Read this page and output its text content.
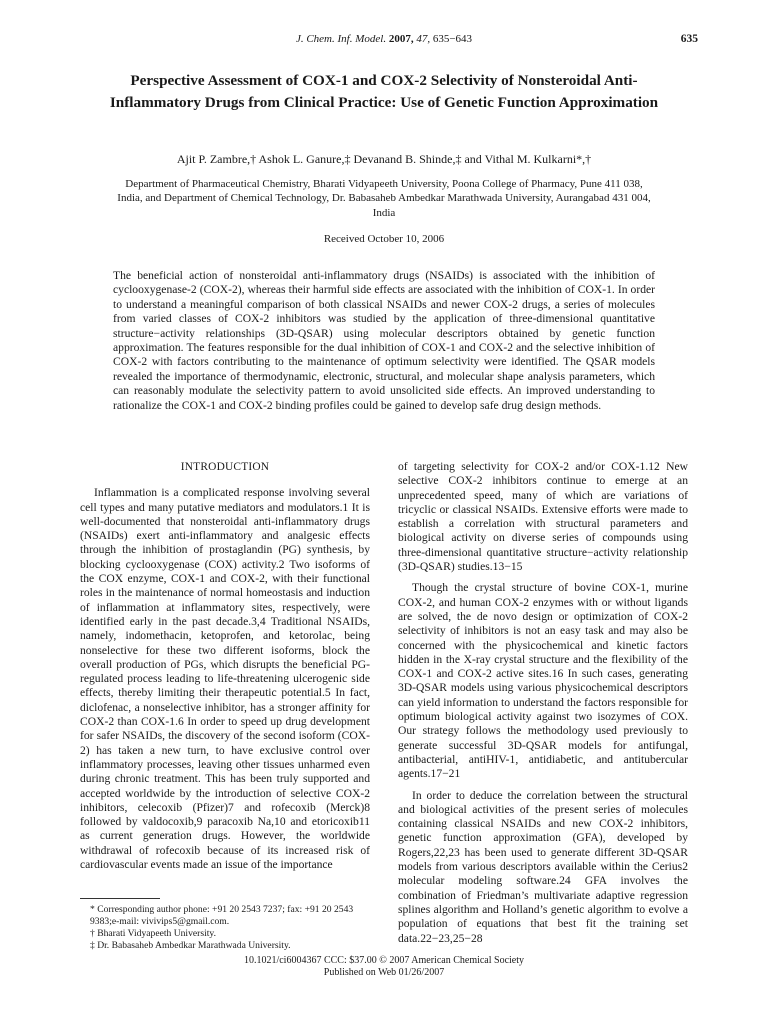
J. Chem. Inf. Model. 2007, 47, 635−643	635
Perspective Assessment of COX-1 and COX-2 Selectivity of Nonsteroidal Anti-Inflammatory Drugs from Clinical Practice: Use of Genetic Function Approximation
Ajit P. Zambre,† Ashok L. Ganure,‡ Devanand B. Shinde,‡ and Vithal M. Kulkarni*,†
Department of Pharmaceutical Chemistry, Bharati Vidyapeeth University, Poona College of Pharmacy, Pune 411 038, India, and Department of Chemical Technology, Dr. Babasaheb Ambedkar Marathwada University, Aurangabad 431 004, India
Received October 10, 2006
The beneficial action of nonsteroidal anti-inflammatory drugs (NSAIDs) is associated with the inhibition of cyclooxygenase-2 (COX-2), whereas their harmful side effects are associated with the inhibition of COX-1. In order to understand a meaningful comparison of both classical NSAIDs and newer COX-2 drugs, a series of molecules from varied classes of COX-2 inhibitors was studied by the application of three-dimensional quantitative structure−activity relationships (3D-QSAR) using molecular descriptors obtained by genetic function approximation. The features responsible for the dual inhibition of COX-1 and COX-2 and the selective inhibition of COX-2 with factors contributing to the maintenance of optimum selectivity were identified. The QSAR models revealed the importance of thermodynamic, electronic, structural, and molecular shape analysis parameters, which can reasonably modulate the selectivity pattern to avoid unsolicited side effects. An improved understanding to rationalize the COX-1 and COX-2 binding profiles could be gained to develop safe drug design methods.
INTRODUCTION

Inflammation is a complicated response involving several cell types and many putative mediators and modulators.1 It is well-documented that nonsteroidal anti-inflammatory drugs (NSAIDs) exert anti-inflammatory and analgesic effects through the inhibition of prostaglandin (PG) synthesis, by blocking cyclooxygenase (COX) activity.2 Two isoforms of the COX enzyme, COX-1 and COX-2, with their functional roles in the maintenance of normal homeostasis and induction of inflammation at inflammatory sites, respectively, were identified early in the past decade.3,4 Traditional NSAIDs, namely, indomethacin, ketoprofen, and ketorolac, being nonselective for these two different isoforms, block the overall production of PGs, which disrupts the beneficial PG-regulated process leading to life-threatening ulcerogenic side effects, thereby limiting their therapeutic potential.5 In fact, diclofenac, a nonselective inhibitor, has a stronger affinity for COX-2 than COX-1.6 In order to speed up drug development for safer NSAIDs, the discovery of the second isoform (COX-2) has taken a new turn, to have exclusive control over inflammatory processes, leaving other tissues unharmed even during chronic treatment. This has been truly supported and accepted worldwide by the introduction of selective COX-2 inhibitors, celecoxib (Pfizer)7 and rofecoxib (Merck)8 followed by valdocoxib,9 paracoxib Na,10 and etoricoxib11 as current generation drugs. However, the worldwide withdrawal of rofecoxib because of its increased risk of cardiovascular events made an issue of the importance

of targeting selectivity for COX-2 and/or COX-1.12 New selective COX-2 inhibitors continue to emerge at an unprecedented speed, many of which are variations of tricyclic or classical NSAIDs. Extensive efforts were made to establish a correlation with structural parameters and biological activity on diverse series of compounds using three-dimensional quantitative structure−activity relationship (3D-QSAR) studies.13−15

Though the crystal structure of bovine COX-1, murine COX-2, and human COX-2 enzymes with or without ligands are solved, the de novo design or optimization of COX-2 selectivity of inhibitors is not an easy task and may also be concerned with the physicochemical and kinetic factors hidden in the X-ray crystal structure and the flexibility of the COX-1 and COX-2 active sites.16 In such cases, generating 3D-QSAR models using various physicochemical descriptors can yield information to understand the factors responsible for optimum biological activity against two isozymes of COX. Our strategy follows the methodology used previously to generate successful 3D-QSAR models for antifungal, antibacterial, antiHIV-1, antidiabetic, and antitubercular agents.17−21

In order to deduce the correlation between the structural and biological activities of the present series of molecules containing classical NSAIDs and new COX-2 inhibitors, genetic function approximation (GFA), developed by Rogers,22,23 has been used to generate different 3D-QSAR models from various descriptors available within the Cerius2 molecular modeling software.24 GFA involves the combination of Friedman’s multivariate adaptive regression splines algorithm and Holland’s genetic algorithm to evolve a population of equations that best fit the training set data.22−23,25−28

* Corresponding author phone: +91 20 2543 7237; fax: +91 20 2543 9383;e-mail: vivivips5@gmail.com.

† Bharati Vidyapeeth University.

‡ Dr. Babasaheb Ambedkar Marathwada University.

10.1021/ci6004367 CCC: $37.00 © 2007 American Chemical Society
Published on Web 01/26/2007
